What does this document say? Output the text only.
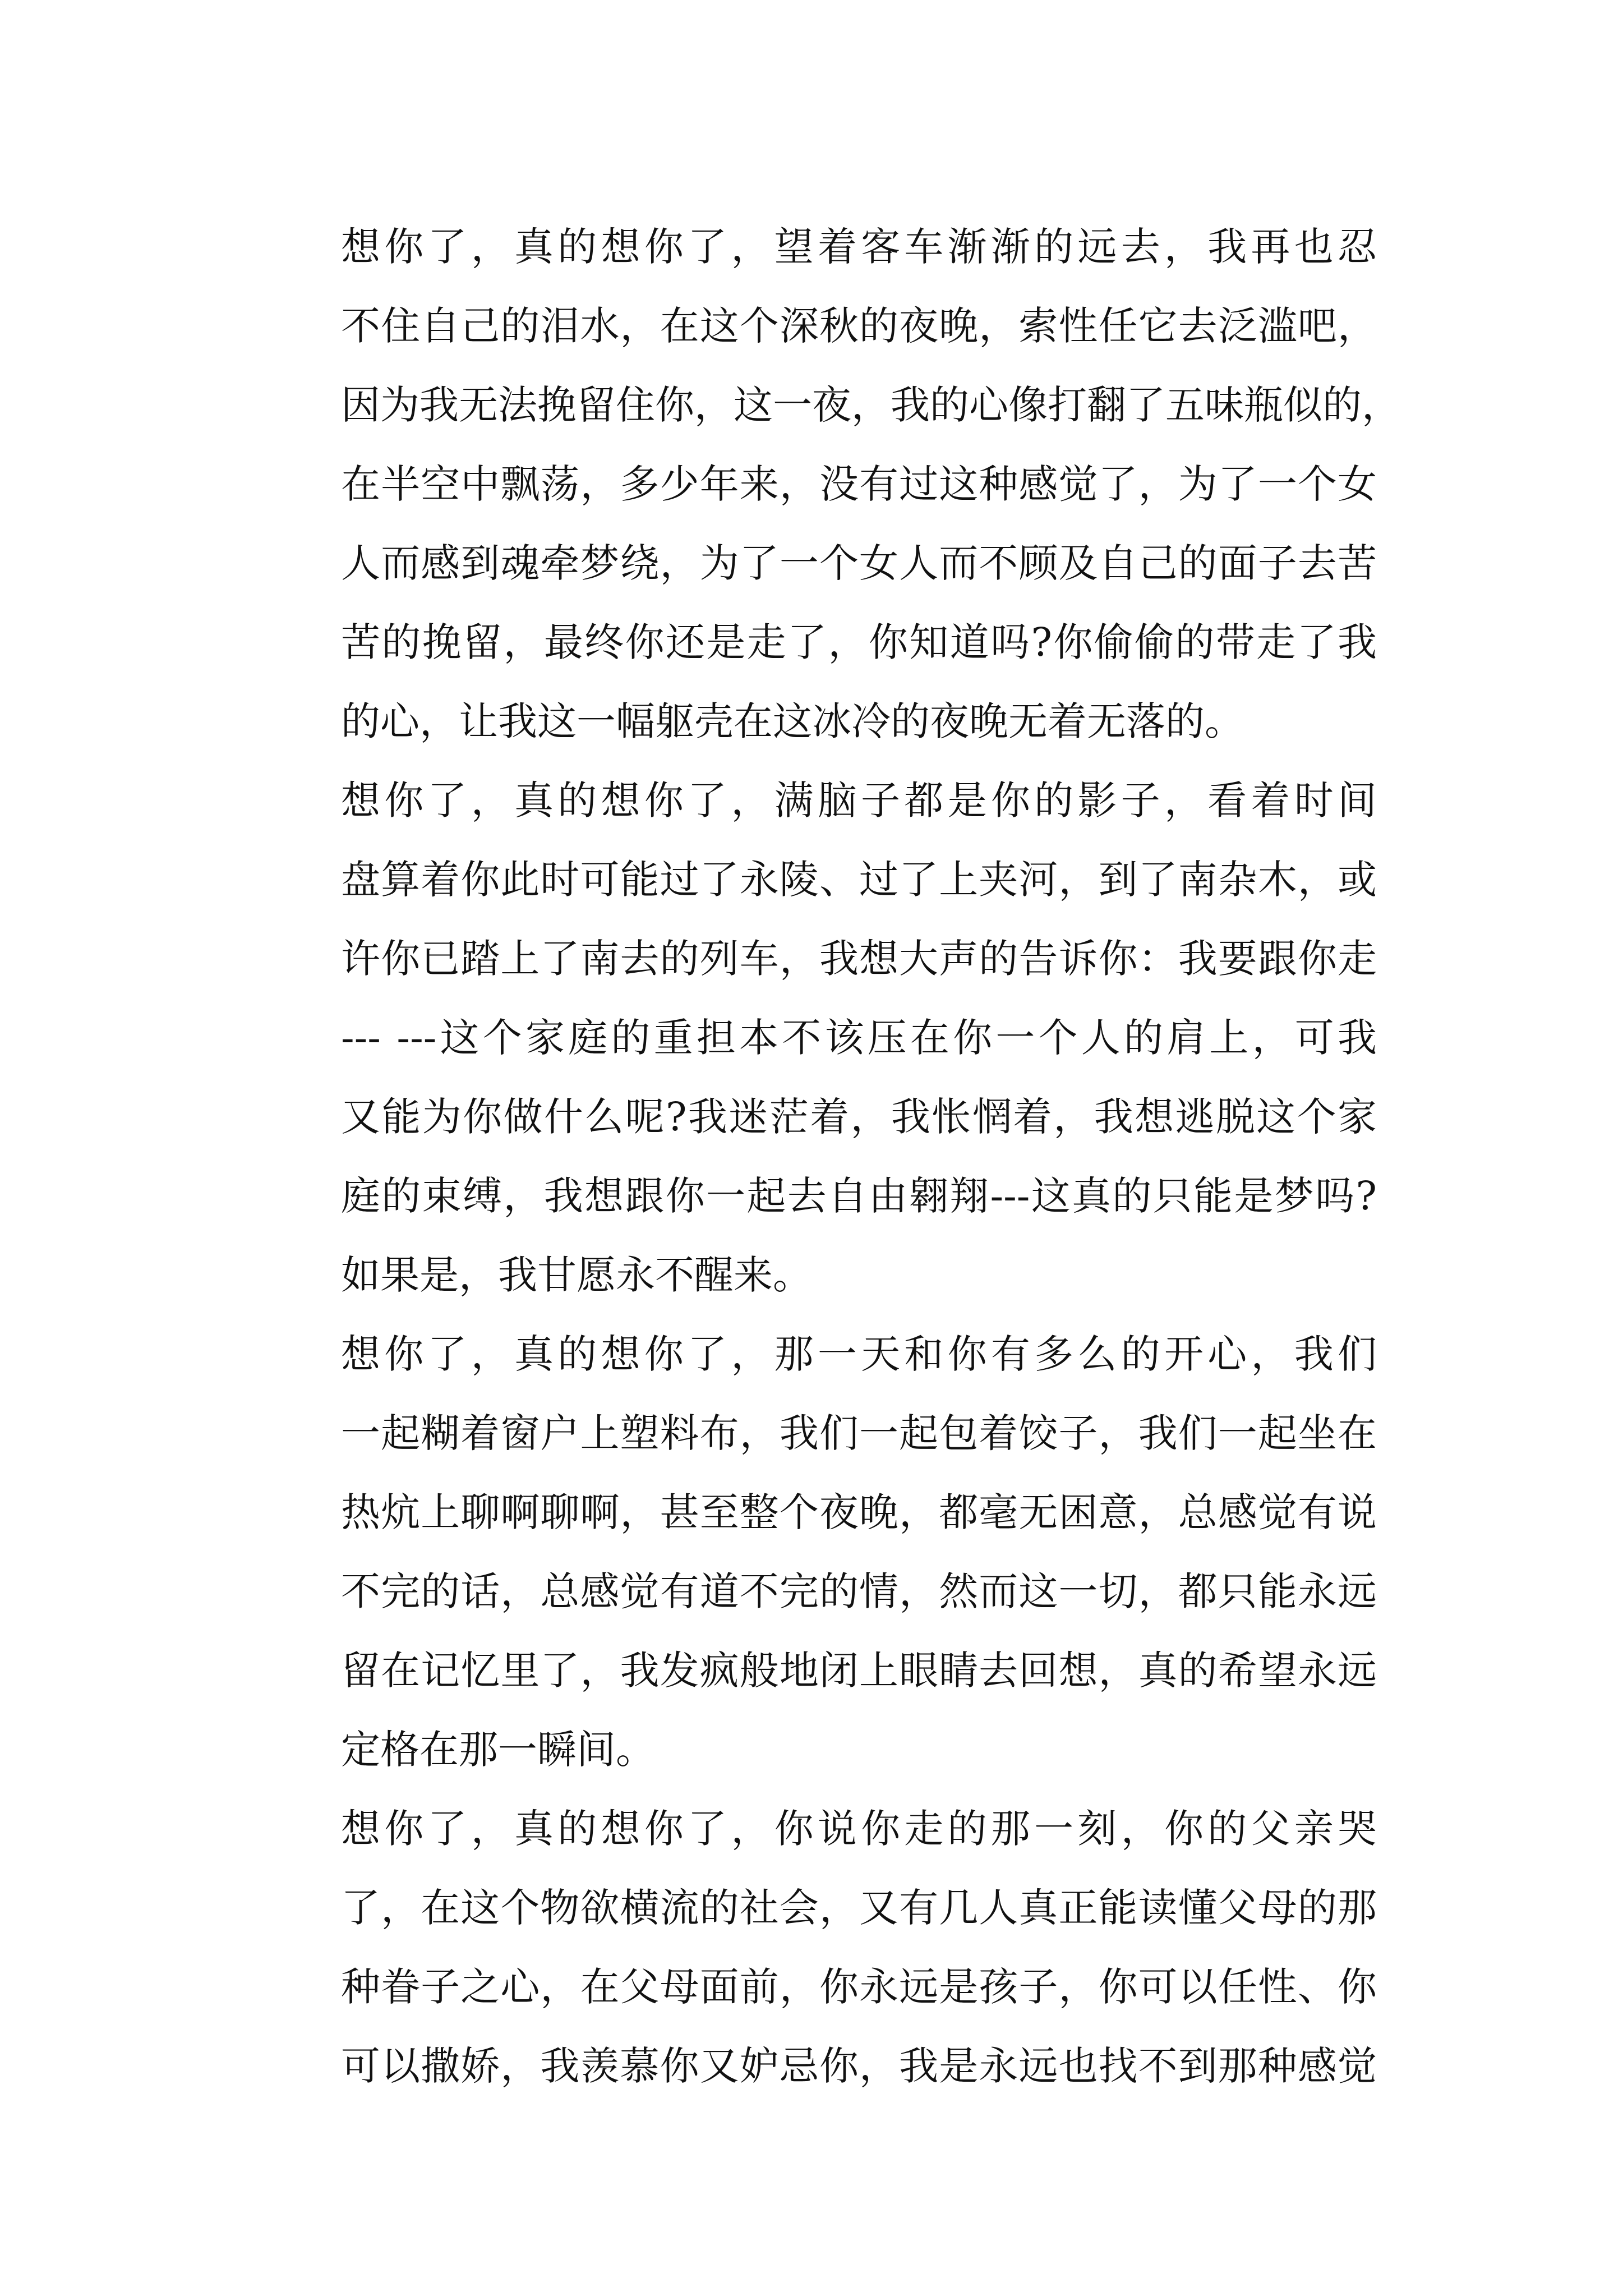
想你了，真的想你了，望着客车渐渐的远去，我再也忍
不住自己的泪水，在这个深秋的夜晚，索性任它去泛滥吧，
因为我无法挽留住你，这一夜，我的心像打翻了五味瓶似的，
在半空中飘荡，多少年来，没有过这种感觉了，为了一个女
人而感到魂牵梦绕，为了一个女人而不顾及自己的面子去苦
苦的挽留，最终你还是走了，你知道吗?你偷偷的带走了我
的心，让我这一幅躯壳在这冰冷的夜晚无着无落的。
想你了，真的想你了，满脑子都是你的影子，看着时间
盘算着你此时可能过了永陵、过了上夹河，到了南杂木，或
许你已踏上了南去的列车，我想大声的告诉你：我要跟你走
--- ---这个家庭的重担本不该压在你一个人的肩上，可我
又能为你做什么呢?我迷茫着，我怅惘着，我想逃脱这个家
庭的束缚，我想跟你一起去自由翱翔---这真的只能是梦吗?
如果是，我甘愿永不醒来。
想你了，真的想你了，那一天和你有多么的开心，我们
一起糊着窗户上塑料布，我们一起包着饺子，我们一起坐在
热炕上聊啊聊啊，甚至整个夜晚，都毫无困意，总感觉有说
不完的话，总感觉有道不完的情，然而这一切，都只能永远
留在记忆里了，我发疯般地闭上眼睛去回想，真的希望永远
定格在那一瞬间。
想你了，真的想你了，你说你走的那一刻，你的父亲哭
了，在这个物欲横流的社会，又有几人真正能读懂父母的那
种眷子之心，在父母面前，你永远是孩子，你可以任性、你
可以撒娇，我羡慕你又妒忌你，我是永远也找不到那种感觉
